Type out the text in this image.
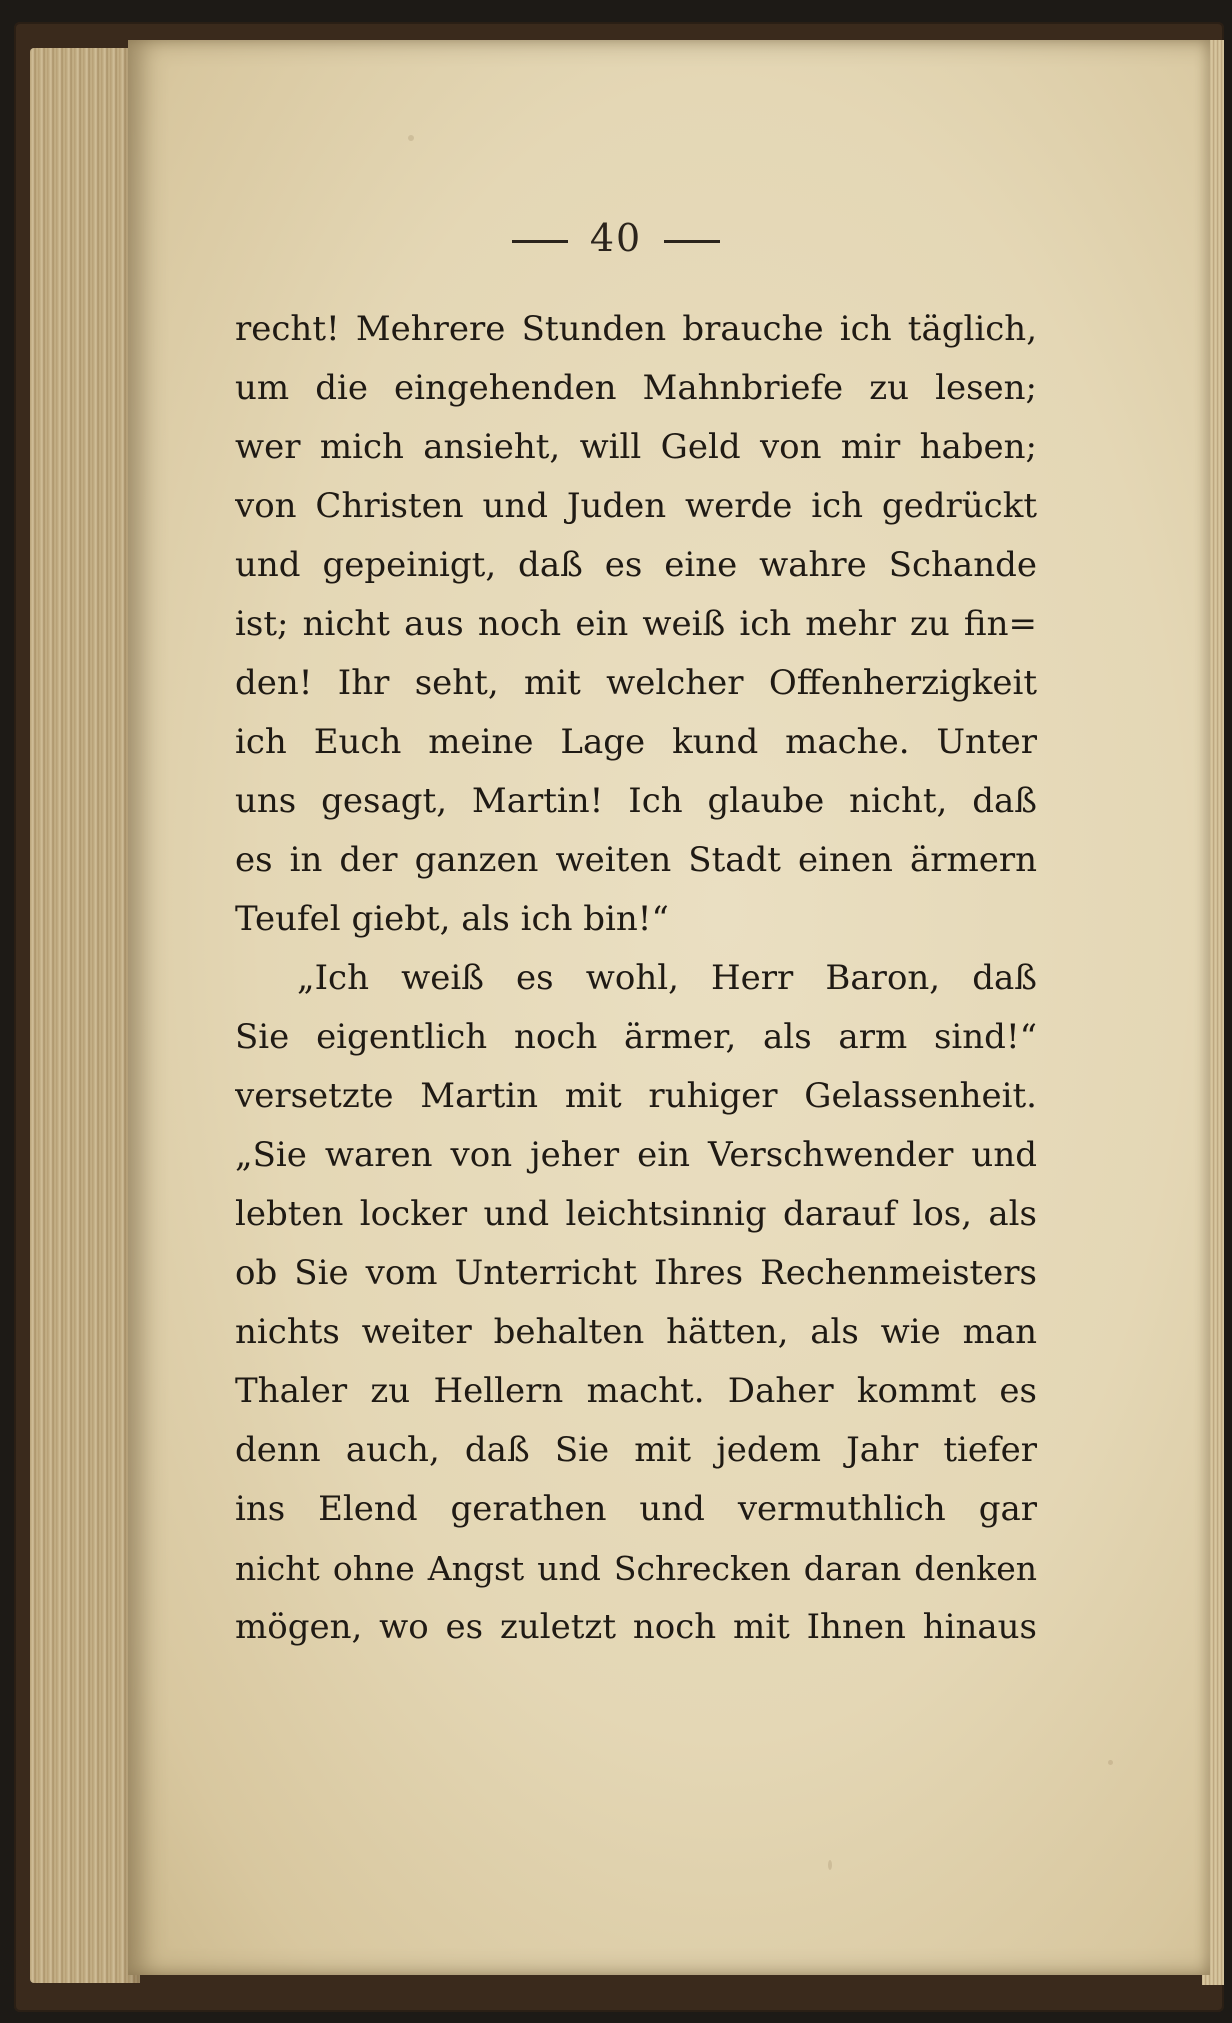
40
recht! Mehrere Stunden brauche ich täglich,
um die eingehenden Mahnbriefe zu lesen;
wer mich ansieht, will Geld von mir haben;
von Christen und Juden werde ich gedrückt
und gepeinigt, daß es eine wahre Schande
ist; nicht aus noch ein weiß ich mehr zu fin=
den! Ihr seht, mit welcher Offenherzigkeit
ich Euch meine Lage kund mache. Unter
uns gesagt, Martin! Ich glaube nicht, daß
es in der ganzen weiten Stadt einen ärmern
Teufel giebt, als ich bin!“
„Ich weiß es wohl, Herr Baron, daß
Sie eigentlich noch ärmer, als arm sind!“
versetzte Martin mit ruhiger Gelassenheit.
„Sie waren von jeher ein Verschwender und
lebten locker und leichtsinnig darauf los, als
ob Sie vom Unterricht Ihres Rechenmeisters
nichts weiter behalten hätten, als wie man
Thaler zu Hellern macht. Daher kommt es
denn auch, daß Sie mit jedem Jahr tiefer
ins Elend gerathen und vermuthlich gar
nicht ohne Angst und Schrecken daran denken
mögen, wo es zuletzt noch mit Ihnen hinaus
